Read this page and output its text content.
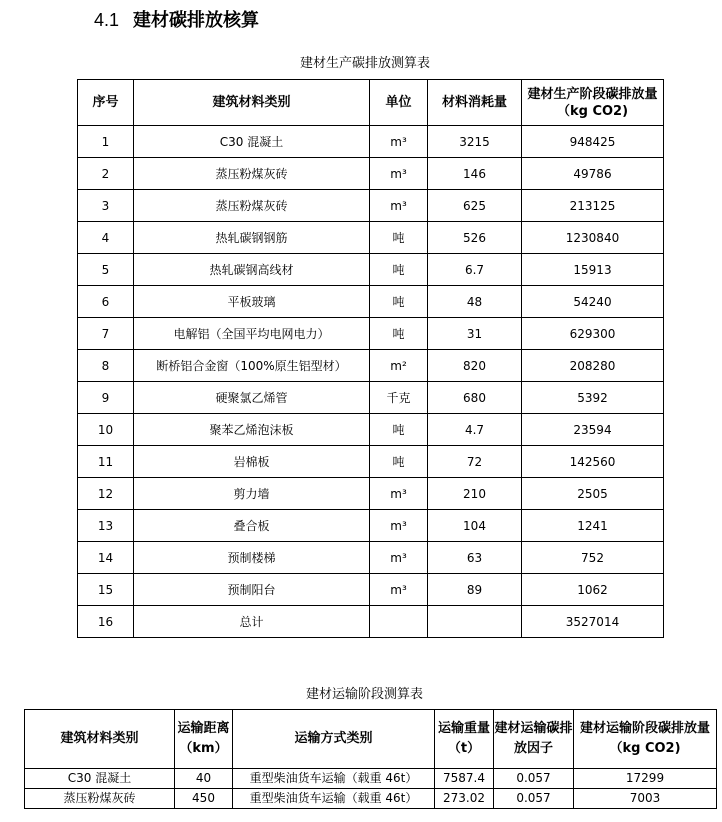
4.1 建材碳排放核算
建材生产碳排放测算表
序号	建筑材料类别	单位	材料消耗量	建材生产阶段碳排放量（kg CO2)
1	C30 混凝土	m³	3215	948425
2	蒸压粉煤灰砖	m³	146	49786
3	蒸压粉煤灰砖	m³	625	213125
4	热轧碳钢钢筋	吨	526	1230840
5	热轧碳钢高线材	吨	6.7	15913
6	平板玻璃	吨	48	54240
7	电解铝（全国平均电网电力）	吨	31	629300
8	断桥铝合金窗（100%原生铝型材）	m²	820	208280
9	硬聚氯乙烯管	千克	680	5392
10	聚苯乙烯泡沫板	吨	4.7	23594
11	岩棉板	吨	72	142560
12	剪力墙	m³	210	2505
13	叠合板	m³	104	1241
14	预制楼梯	m³	63	752
15	预制阳台	m³	89	1062
16	总计			3527014
建材运输阶段测算表
建筑材料类别	运输距离（km）	运输方式类别	运输重量（t）	建材运输碳排放因子	建材运输阶段碳排放量（kg CO2)
C30 混凝土	40	重型柴油货车运输（载重 46t）	7587.4	0.057	17299
蒸压粉煤灰砖	450	重型柴油货车运输（载重 46t）	273.02	0.057	7003
